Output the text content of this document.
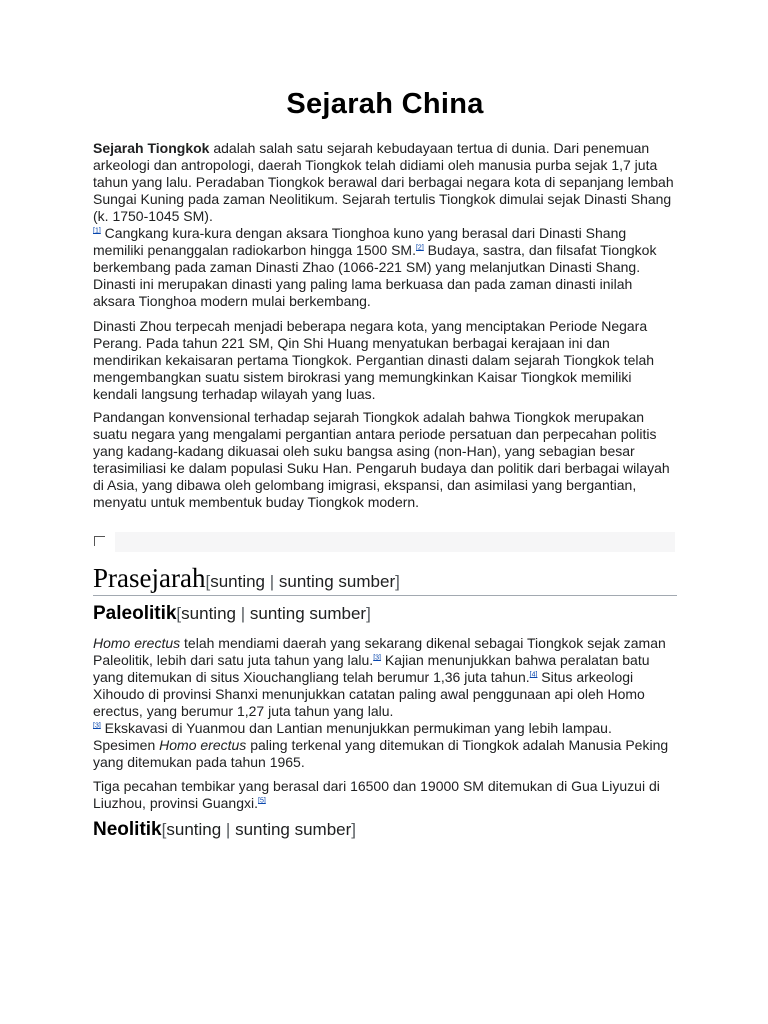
Sejarah China

Sejarah Tiongkok adalah salah satu sejarah kebudayaan tertua di dunia. Dari penemuan arkeologi dan antropologi, daerah Tiongkok telah didiami oleh manusia purba sejak 1,7 juta tahun yang lalu. Peradaban Tiongkok berawal dari berbagai negara kota di sepanjang lembah Sungai Kuning pada zaman Neolitikum. Sejarah tertulis Tiongkok dimulai sejak Dinasti Shang (k. 1750-1045 SM).
[1] Cangkang kura-kura dengan aksara Tionghoa kuno yang berasal dari Dinasti Shang memiliki penanggalan radiokarbon hingga 1500 SM.[2] Budaya, sastra, dan filsafat Tiongkok berkembang pada zaman Dinasti Zhao (1066-221 SM) yang melanjutkan Dinasti Shang. Dinasti ini merupakan dinasti yang paling lama berkuasa dan pada zaman dinasti inilah aksara Tionghoa modern mulai berkembang.

Dinasti Zhou terpecah menjadi beberapa negara kota, yang menciptakan Periode Negara Perang. Pada tahun 221 SM, Qin Shi Huang menyatukan berbagai kerajaan ini dan mendirikan kekaisaran pertama Tiongkok. Pergantian dinasti dalam sejarah Tiongkok telah mengembangkan suatu sistem birokrasi yang memungkinkan Kaisar Tiongkok memiliki kendali langsung terhadap wilayah yang luas.

Pandangan konvensional terhadap sejarah Tiongkok adalah bahwa Tiongkok merupakan suatu negara yang mengalami pergantian antara periode persatuan dan perpecahan politis yang kadang-kadang dikuasai oleh suku bangsa asing (non-Han), yang sebagian besar terasimiliasi ke dalam populasi Suku Han. Pengaruh budaya dan politik dari berbagai wilayah di Asia, yang dibawa oleh gelombang imigrasi, ekspansi, dan asimilasi yang bergantian, menyatu untuk membentuk buday Tiongkok modern.

Prasejarah[sunting | sunting sumber]
Paleolitik[sunting | sunting sumber]

Homo erectus telah mendiami daerah yang sekarang dikenal sebagai Tiongkok sejak zaman Paleolitik, lebih dari satu juta tahun yang lalu.[3] Kajian menunjukkan bahwa peralatan batu yang ditemukan di situs Xiouchangliang telah berumur 1,36 juta tahun.[4] Situs arkeologi Xihoudo di provinsi Shanxi menunjukkan catatan paling awal penggunaan api oleh Homo erectus, yang berumur 1,27 juta tahun yang lalu.
[3] Ekskavasi di Yuanmou dan Lantian menunjukkan permukiman yang lebih lampau. Spesimen Homo erectus paling terkenal yang ditemukan di Tiongkok adalah Manusia Peking yang ditemukan pada tahun 1965.

Tiga pecahan tembikar yang berasal dari 16500 dan 19000 SM ditemukan di Gua Liyuzui di Liuzhou, provinsi Guangxi.[5]

Neolitik[sunting | sunting sumber]
